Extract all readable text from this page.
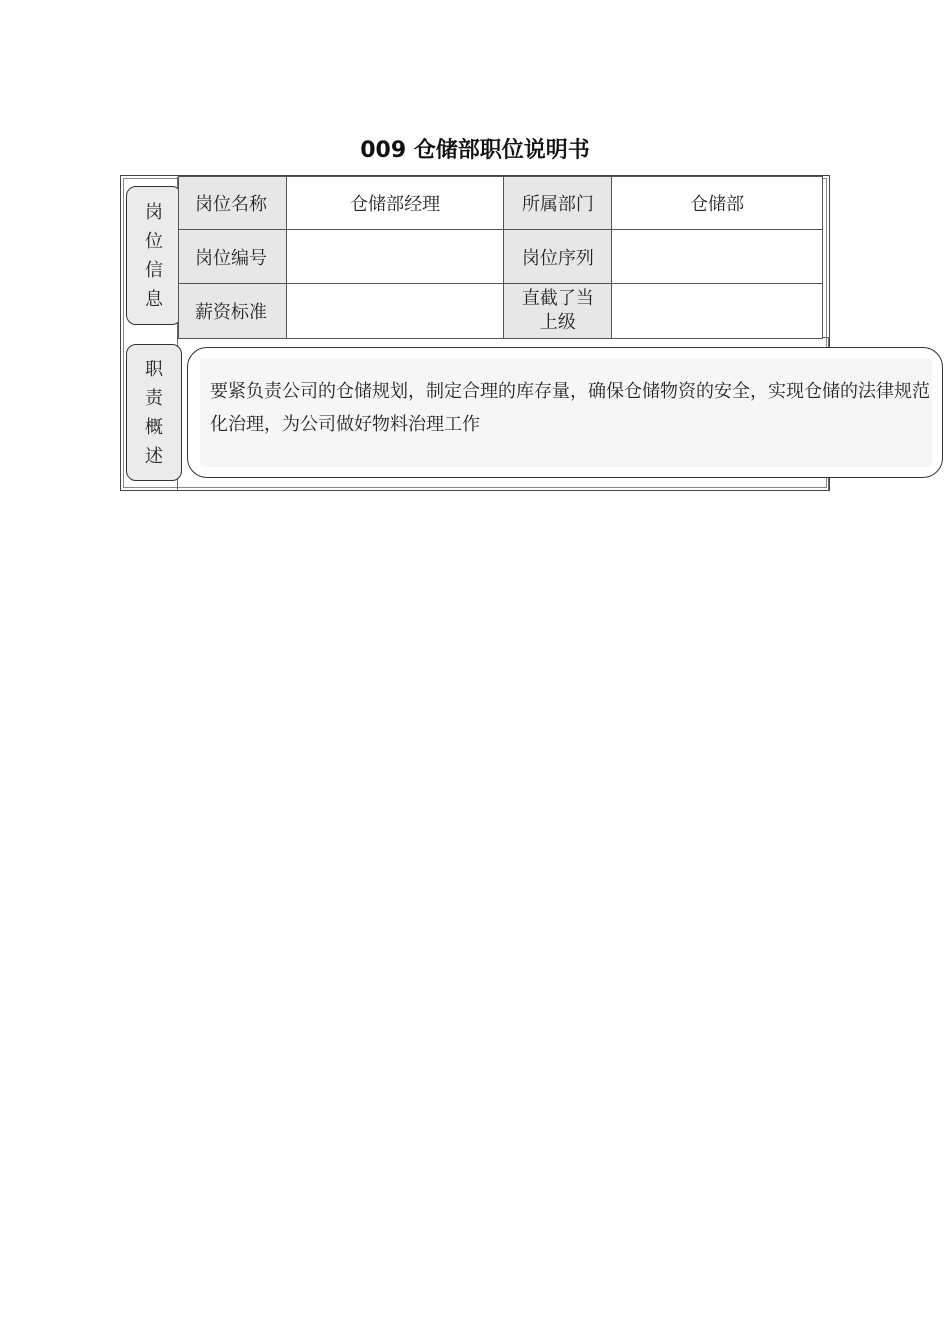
009 仓储部职位说明书
岗
位
信
息
岗位名称	仓储部经理	所属部门	仓储部
岗位编号		岗位序列	
薪资标准		直截了当
上级	

职
责
概
述
要紧负责公司的仓储规划，制定合理的库存量，确保仓储物资的安全，实现仓储的法律规范化治理，为公司做好物料治理工作
